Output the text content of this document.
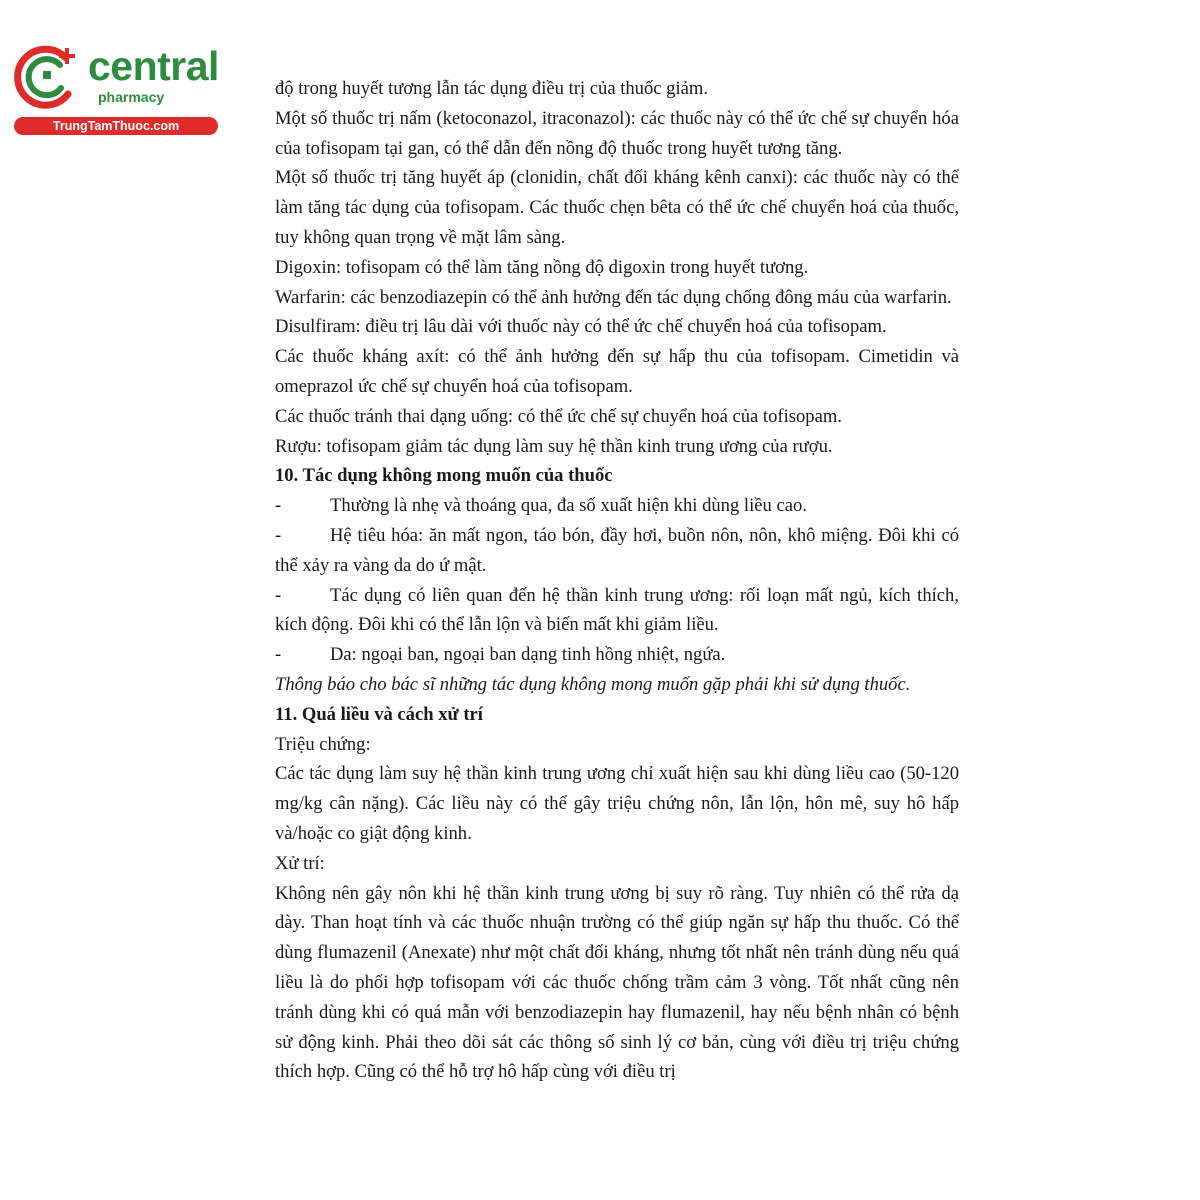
central
pharmacy
TrungTamThuoc.com

độ trong huyết tương lẫn tác dụng điều trị của thuốc giảm.

Một số thuốc trị nấm (ketoconazol, itraconazol): các thuốc này có thể ức chế sự chuyển hóa của tofisopam tại gan, có thể dẫn đến nồng độ thuốc trong huyết tương tăng.

Một số thuốc trị tăng huyết áp (clonidin, chất đối kháng kênh canxi): các thuốc này có thể làm tăng tác dụng của tofisopam. Các thuốc chẹn bêta có thể ức chế chuyển hoá của thuốc, tuy không quan trọng về mặt lâm sàng.

Digoxin: tofisopam có thể làm tăng nồng độ digoxin trong huyết tương.

Warfarin: các benzodiazepin có thể ảnh hưởng đến tác dụng chống đông máu của warfarin.

Disulfiram: điều trị lâu dài với thuốc này có thể ức chế chuyển hoá của tofisopam.

Các thuốc kháng axít: có thể ảnh hưởng đến sự hấp thu của tofisopam. Cimetidin và omeprazol ức chế sự chuyển hoá của tofisopam.

Các thuốc tránh thai dạng uống: có thể ức chế sự chuyển hoá của tofisopam.

Rượu: tofisopam giảm tác dụng làm suy hệ thần kinh trung ương của rượu.

10. Tác dụng không mong muốn của thuốc

-	Thường là nhẹ và thoáng qua, đa số xuất hiện khi dùng liều cao.

-	Hệ tiêu hóa: ăn mất ngon, táo bón, đầy hơi, buồn nôn, nôn, khô miệng. Đôi khi có thể xảy ra vàng da do ứ mật.

-	Tác dụng có liên quan đến hệ thần kinh trung ương: rối loạn mất ngủ, kích thích, kích động. Đôi khi có thể lẫn lộn và biến mất khi giảm liều.

-	Da: ngoại ban, ngoại ban dạng tinh hồng nhiệt, ngứa.

Thông báo cho bác sĩ những tác dụng không mong muốn gặp phải khi sử dụng thuốc.

11. Quá liều và cách xử trí

Triệu chứng:

Các tác dụng làm suy hệ thần kinh trung ương chỉ xuất hiện sau khi dùng liều cao (50-120 mg/kg cân nặng). Các liều này có thể gây triệu chứng nôn, lẫn lộn, hôn mê, suy hô hấp và/hoặc co giật động kinh.

Xử trí:

Không nên gây nôn khi hệ thần kinh trung ương bị suy rõ ràng. Tuy nhiên có thể rửa dạ dày. Than hoạt tính và các thuốc nhuận trường có thể giúp ngăn sự hấp thu thuốc. Có thể dùng flumazenil (Anexate) như một chất đối kháng, nhưng tốt nhất nên tránh dùng nếu quá liều là do phối hợp tofisopam với các thuốc chống trầm cảm 3 vòng. Tốt nhất cũng nên tránh dùng khi có quá mẫn với benzodiazepin hay flumazenil, hay nếu bệnh nhân có bệnh sử động kinh. Phải theo dõi sát các thông số sinh lý cơ bản, cùng với điều trị triệu chứng thích hợp. Cũng có thể hỗ trợ hô hấp cùng với điều trị
